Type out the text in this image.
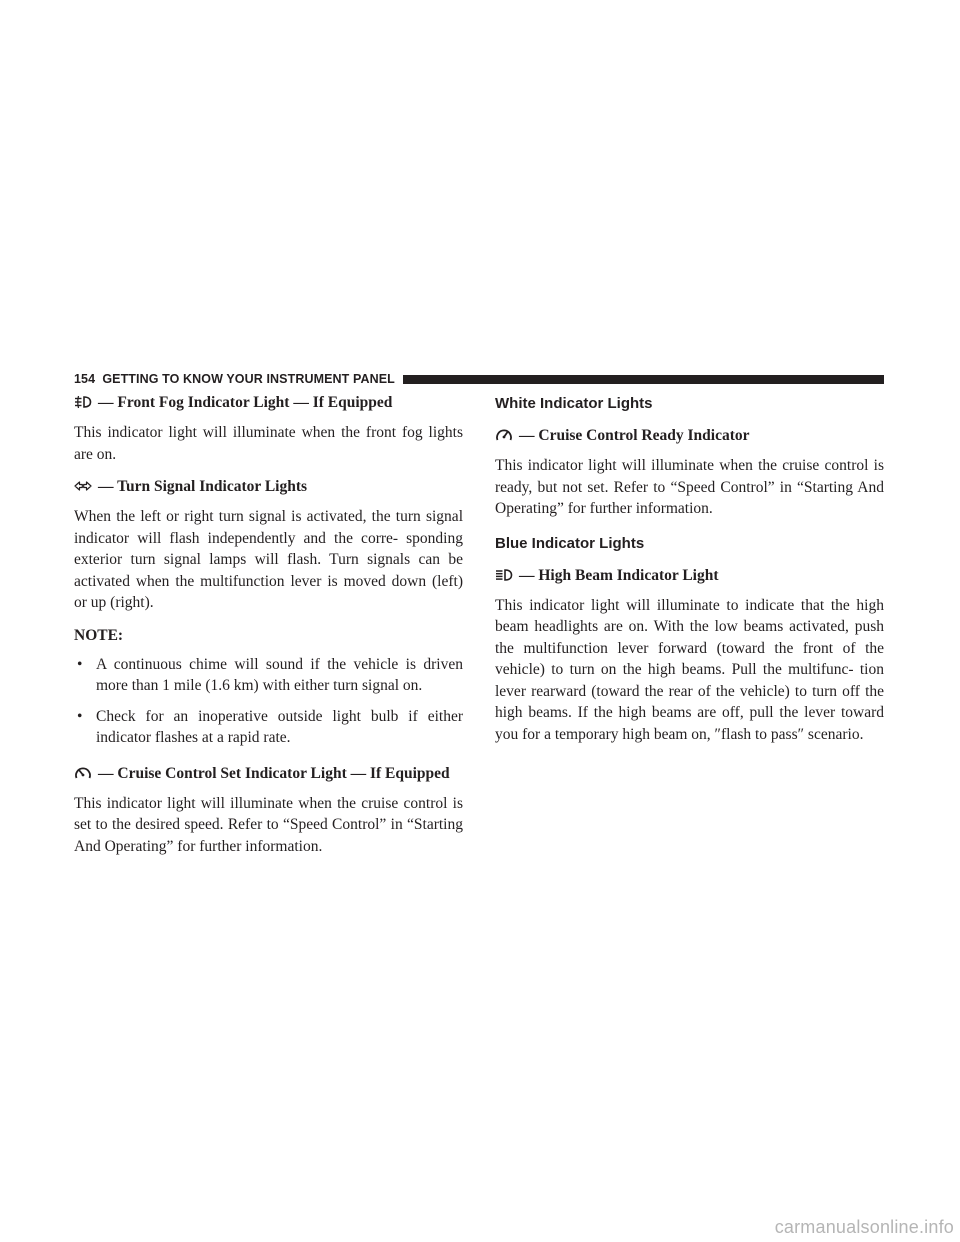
154 GETTING TO KNOW YOUR INSTRUMENT PANEL
— Front Fog Indicator Light — If Equipped

This indicator light will illuminate when the front fog lights are on.

— Turn Signal Indicator Lights

When the left or right turn signal is activated, the turn signal indicator will flash independently and the corre- sponding exterior turn signal lamps will flash. Turn signals can be activated when the multifunction lever is moved down (left) or up (right).

NOTE:
• A continuous chime will sound if the vehicle is driven more than 1 mile (1.6 km) with either turn signal on.
• Check for an inoperative outside light bulb if either indicator flashes at a rapid rate.
— Cruise Control Set Indicator Light — If Equipped

This indicator light will illuminate when the cruise control is set to the desired speed. Refer to “Speed Control” in “Starting And Operating” for further information.

White Indicator Lights
— Cruise Control Ready Indicator

This indicator light will illuminate when the cruise control is ready, but not set. Refer to “Speed Control” in “Starting And Operating” for further information.

Blue Indicator Lights
— High Beam Indicator Light

This indicator light will illuminate to indicate that the high beam headlights are on. With the low beams activated, push the multifunction lever forward (toward the front of the vehicle) to turn on the high beams. Pull the multifunc- tion lever rearward (toward the rear of the vehicle) to turn off the high beams. If the high beams are off, pull the lever toward you for a temporary high beam on, ″flash to pass″ scenario.

carmanualsonline.info
